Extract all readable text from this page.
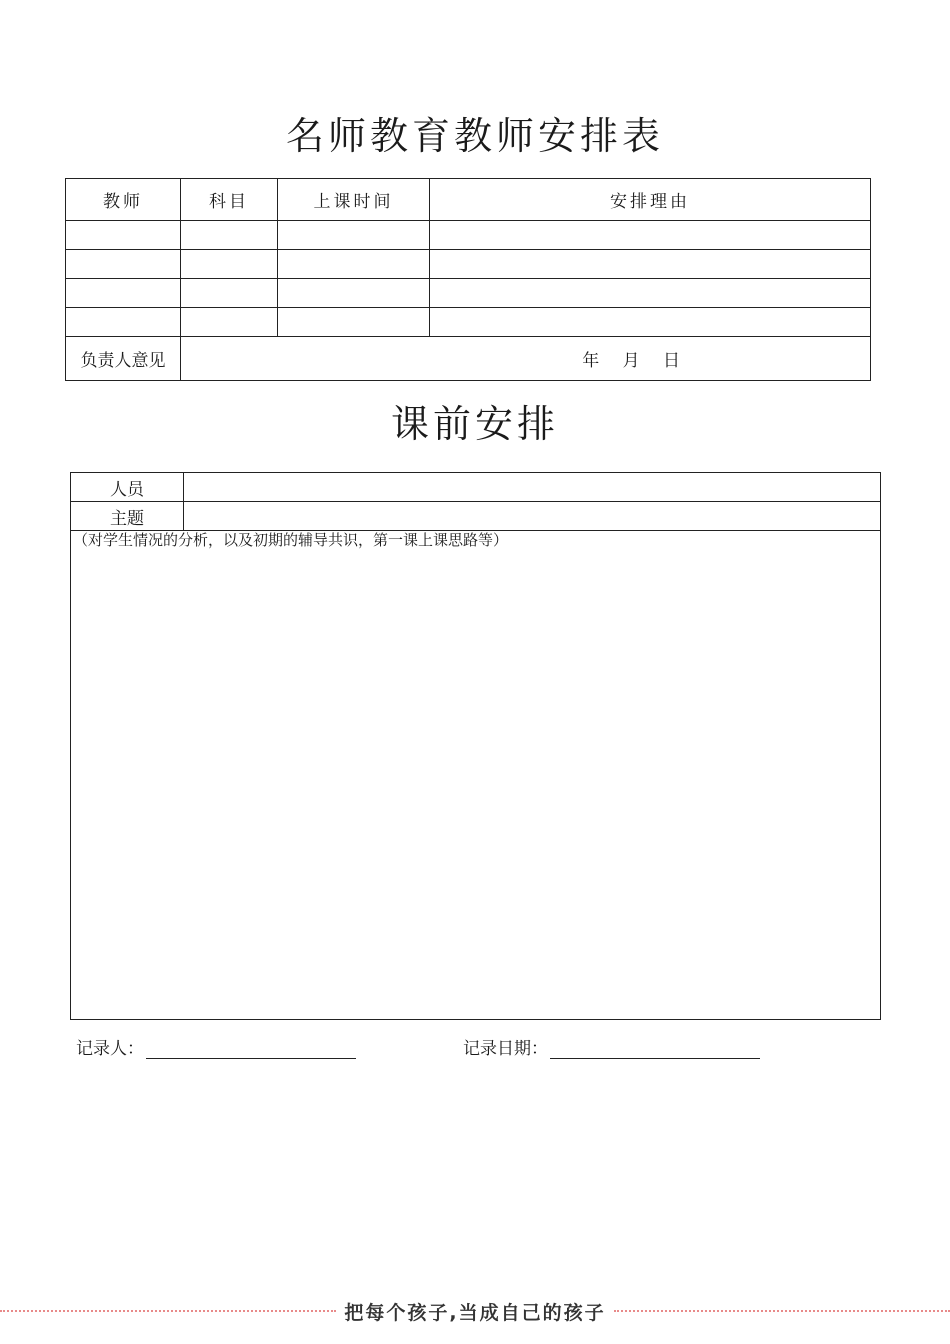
名师教育教师安排表
教师	科目	上课时间	安排理由

负责人意见	年 月 日		
课前安排
人员	
主题	
（对学生情况的分析，以及初期的辅导共识，第一课上课思路等）	
记录人：	记录日期：
把每个孩子,当成自己的孩子
